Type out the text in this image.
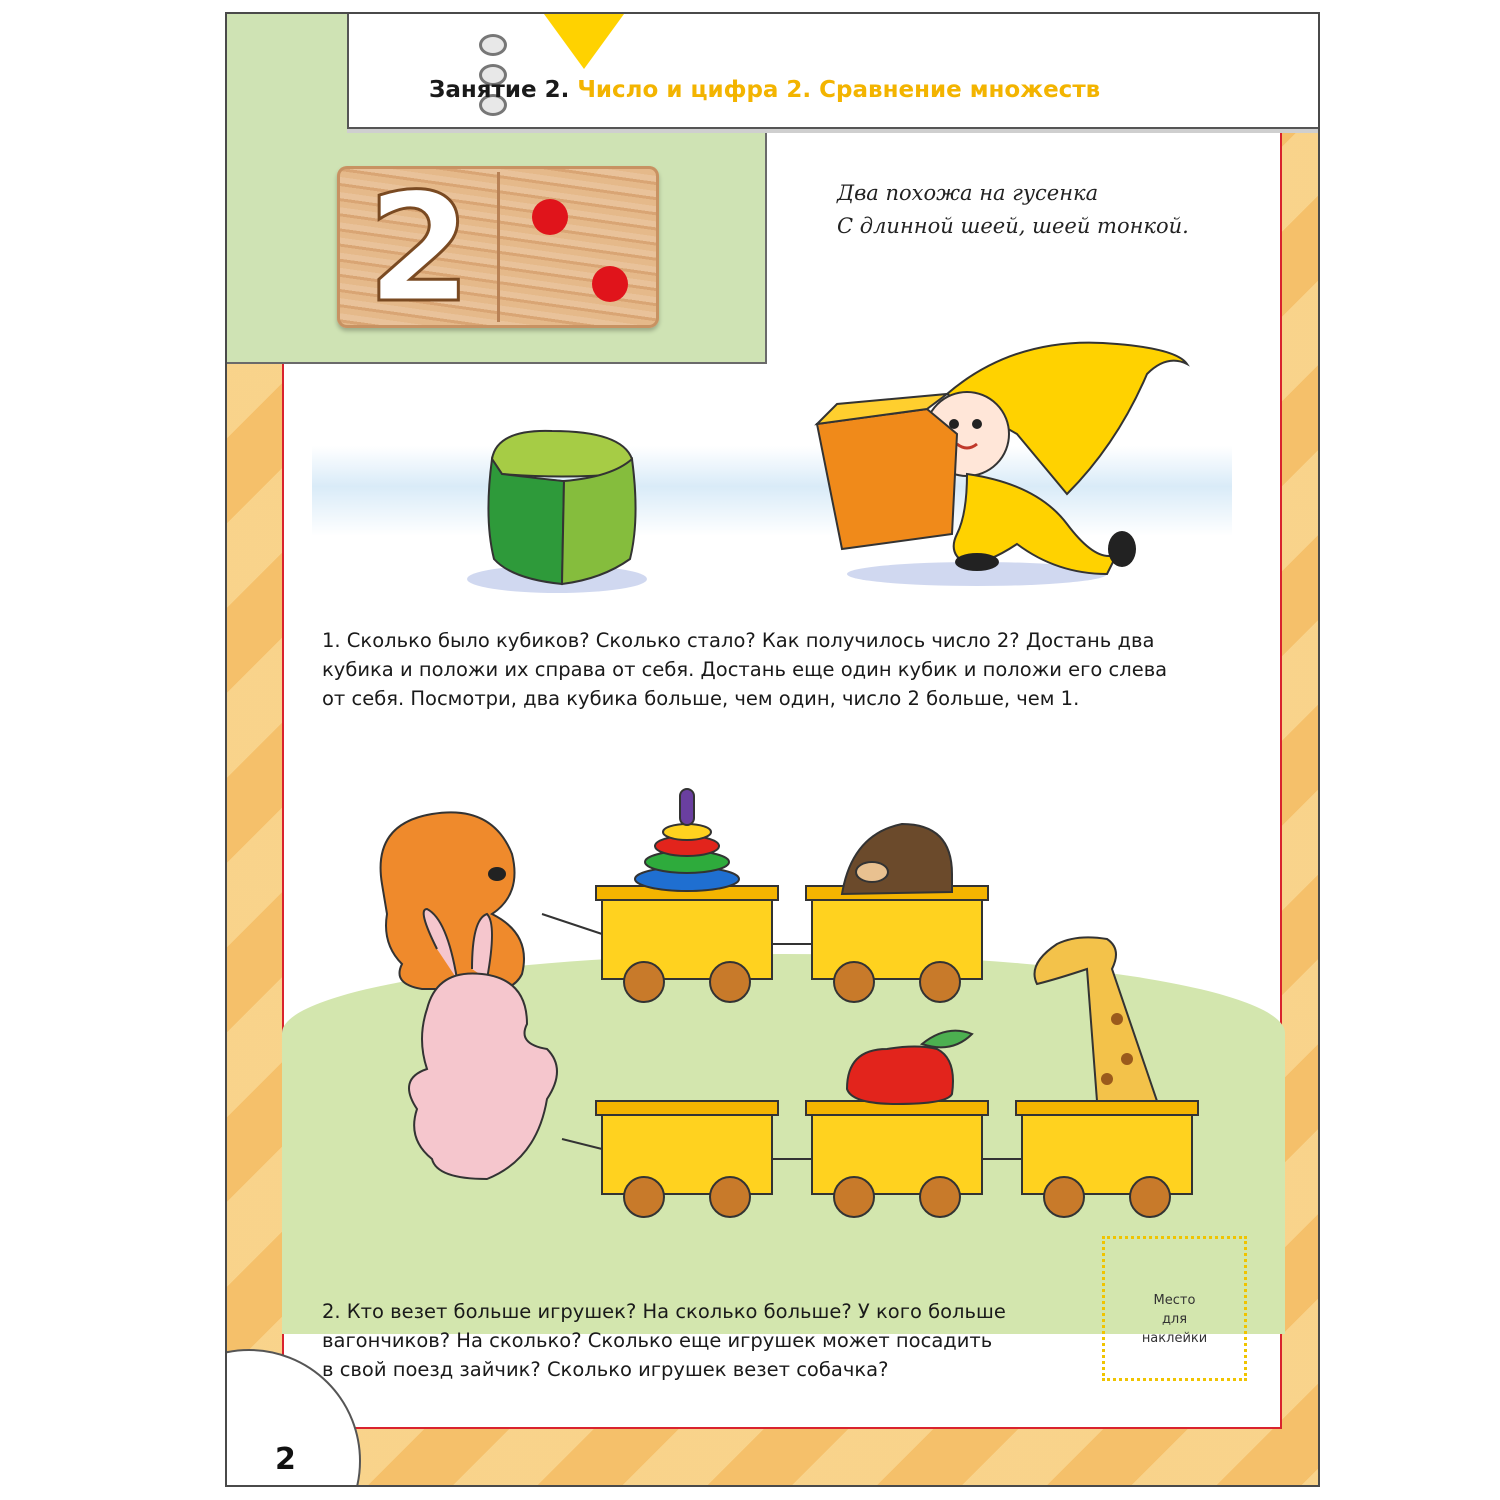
Занятие 2. Число и цифра 2. Сравнение множеств
2	Два похожа на гусенка
С длинной шеей, шеей тонкой.
1. Сколько было кубиков? Сколько стало? Как получилось число 2? Достань два
кубика и положи их справа от себя. Достань еще один кубик и положи его слева
от себя. Посмотри, два кубика больше, чем один, число 2 больше, чем 1.
Место
для
наклейки
2. Кто везет больше игрушек? На сколько больше? У кого больше
вагончиков? На сколько? Сколько еще игрушек может посадить
в свой поезд зайчик? Сколько игрушек везет собачка?
2
